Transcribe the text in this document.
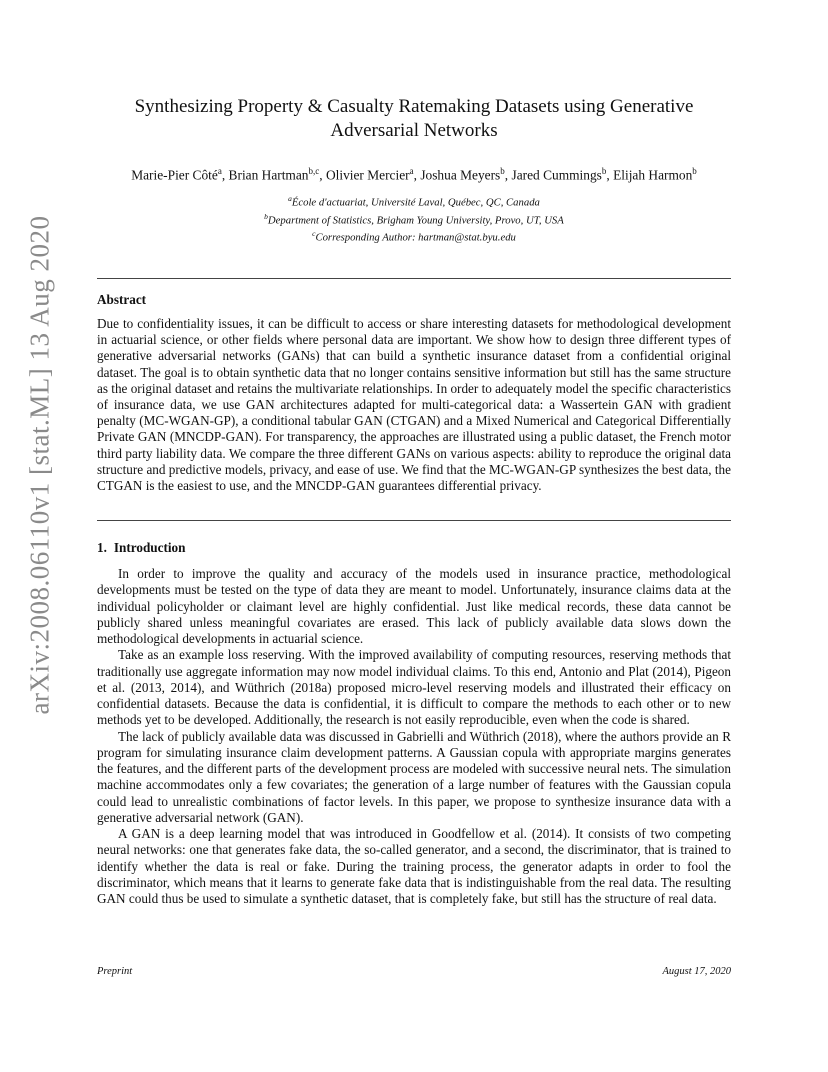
arXiv:2008.06110v1 [stat.ML] 13 Aug 2020
Synthesizing Property & Casualty Ratemaking Datasets using Generative Adversarial Networks
Marie-Pier Côté$^a$, Brian Hartman$^{b,c}$, Olivier Mercier$^a$, Joshua Meyers$^b$, Jared Cummings$^b$, Elijah Harmon$^b$
$^a$École d'actuariat, Université Laval, Québec, QC, Canada
$^b$Department of Statistics, Brigham Young University, Provo, UT, USA
$^c$Corresponding Author: hartman@stat.byu.edu
Abstract

Due to confidentiality issues, it can be difficult to access or share interesting datasets for methodological development in actuarial science, or other fields where personal data are important. We show how to design three different types of generative adversarial networks (GANs) that can build a synthetic insurance dataset from a confidential original dataset. The goal is to obtain synthetic data that no longer contains sensitive information but still has the same structure as the original dataset and retains the multivariate relationships. In order to adequately model the specific characteristics of insurance data, we use GAN architectures adapted for multi-categorical data: a Wassertein GAN with gradient penalty (MC-WGAN-GP), a conditional tabular GAN (CTGAN) and a Mixed Numerical and Categorical Differentially Private GAN (MNCDP-GAN). For transparency, the approaches are illustrated using a public dataset, the French motor third party liability data. We compare the three different GANs on various aspects: ability to reproduce the original data structure and predictive models, privacy, and ease of use. We find that the MC-WGAN-GP synthesizes the best data, the CTGAN is the easiest to use, and the MNCDP-GAN guarantees differential privacy.

1. Introduction

In order to improve the quality and accuracy of the models used in insurance practice, methodological developments must be tested on the type of data they are meant to model. Unfortunately, insurance claims data at the individual policyholder or claimant level are highly confidential. Just like medical records, these data cannot be publicly shared unless meaningful covariates are erased. This lack of publicly available data slows down the methodological developments in actuarial science.

Take as an example loss reserving. With the improved availability of computing resources, reserving methods that traditionally use aggregate information may now model individual claims. To this end, Antonio and Plat (2014), Pigeon et al. (2013, 2014), and Wüthrich (2018a) proposed micro-level reserving models and illustrated their efficacy on confidential datasets. Because the data is confidential, it is difficult to compare the methods to each other or to new methods yet to be developed. Additionally, the research is not easily reproducible, even when the code is shared.

The lack of publicly available data was discussed in Gabrielli and Wüthrich (2018), where the authors provide an R program for simulating insurance claim development patterns. A Gaussian copula with appropriate margins generates the features, and the different parts of the development process are modeled with successive neural nets. The simulation machine accommodates only a few covariates; the generation of a large number of features with the Gaussian copula could lead to unrealistic combinations of factor levels. In this paper, we propose to synthesize insurance data with a generative adversarial network (GAN).

A GAN is a deep learning model that was introduced in Goodfellow et al. (2014). It consists of two competing neural networks: one that generates fake data, the so-called generator, and a second, the discriminator, that is trained to identify whether the data is real or fake. During the training process, the generator adapts in order to fool the discriminator, which means that it learns to generate fake data that is indistinguishable from the real data. The resulting GAN could thus be used to simulate a synthetic dataset, that is completely fake, but still has the structure of real data.

Preprint	August 17, 2020
